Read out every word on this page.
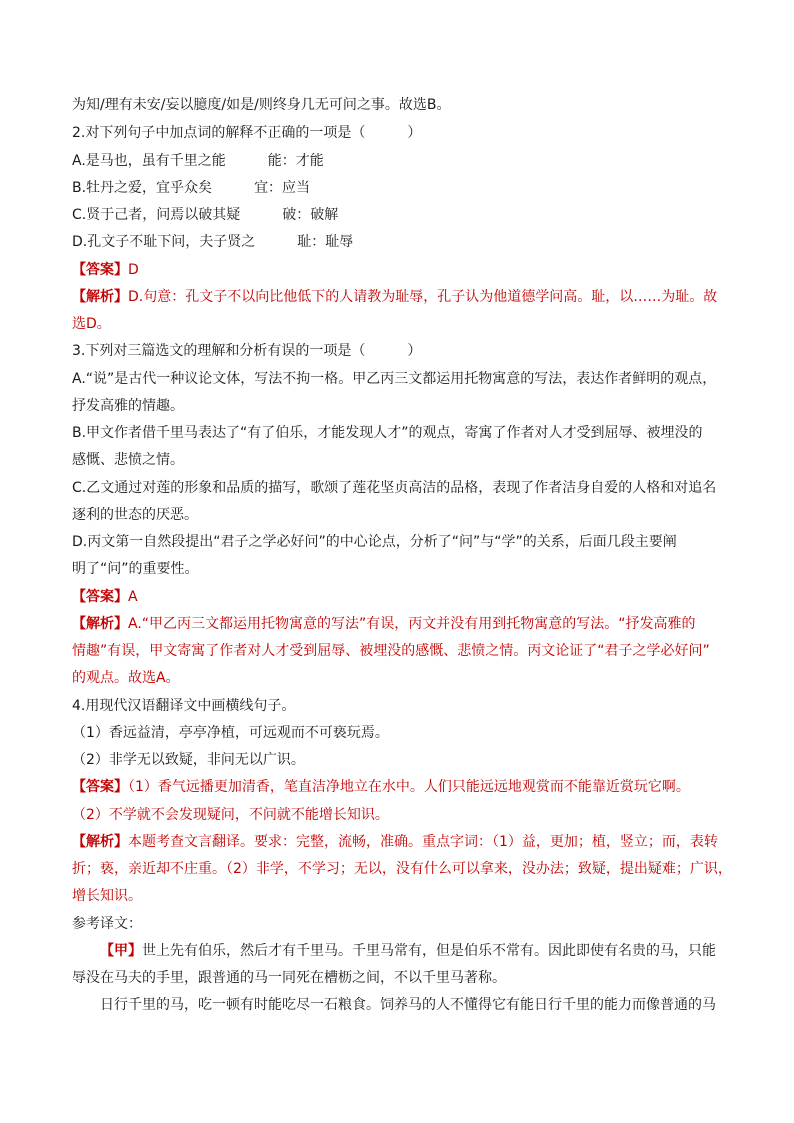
为知/理有未安/妄以臆度/如是/则终身几无可问之事。故选B。
2.对下列句子中加点词的解释不正确的一项是（　　　）
A.是马也，虽有千里之能	能：才能
B.牡丹之爱，宜乎众矣	宜：应当
C.贤于己者，问焉以破其疑	破：破解
D.孔文子不耻下问，夫子贤之	耻：耻辱
【答案】D
【解析】D.句意：孔文子不以向比他低下的人请教为耻辱，孔子认为他道德学问高。耻，以……为耻。故
选D。
3.下列对三篇选文的理解和分析有误的一项是（　　　）
A.“说”是古代一种议论文体，写法不拘一格。甲乙丙三文都运用托物寓意的写法，表达作者鲜明的观点，
抒发高雅的情趣。
B.甲文作者借千里马表达了“有了伯乐，才能发现人才”的观点，寄寓了作者对人才受到屈辱、被埋没的
感慨、悲愤之情。
C.乙文通过对莲的形象和品质的描写，歌颂了莲花坚贞高洁的品格，表现了作者洁身自爱的人格和对追名
逐利的世态的厌恶。
D.丙文第一自然段提出“君子之学必好问”的中心论点，分析了“问”与“学”的关系，后面几段主要阐
明了“问”的重要性。
【答案】A
【解析】A.“甲乙丙三文都运用托物寓意的写法”有误，丙文并没有用到托物寓意的写法。“抒发高雅的
情趣”有误，甲文寄寓了作者对人才受到屈辱、被埋没的感慨、悲愤之情。丙文论证了“君子之学必好问”
的观点。故选A。
4.用现代汉语翻译文中画横线句子。
（1）香远益清，亭亭净植，可远观而不可亵玩焉。
（2）非学无以致疑，非问无以广识。
【答案】（1）香气远播更加清香，笔直洁净地立在水中。人们只能远远地观赏而不能靠近赏玩它啊。
（2）不学就不会发现疑问，不问就不能增长知识。
【解析】本题考查文言翻译。要求：完整，流畅，准确。重点字词：（1）益，更加；植，竖立；而，表转
折；亵，亲近却不庄重。（2）非学，不学习；无以，没有什么可以拿来，没办法；致疑，提出疑难；广识，
增长知识。
参考译文：
【甲】世上先有伯乐，然后才有千里马。千里马常有，但是伯乐不常有。因此即使有名贵的马，只能
辱没在马夫的手里，跟普通的马一同死在槽枥之间，不以千里马著称。
日行千里的马，吃一顿有时能吃尽一石粮食。饲养马的人不懂得它有能日行千里的能力而像普通的马
